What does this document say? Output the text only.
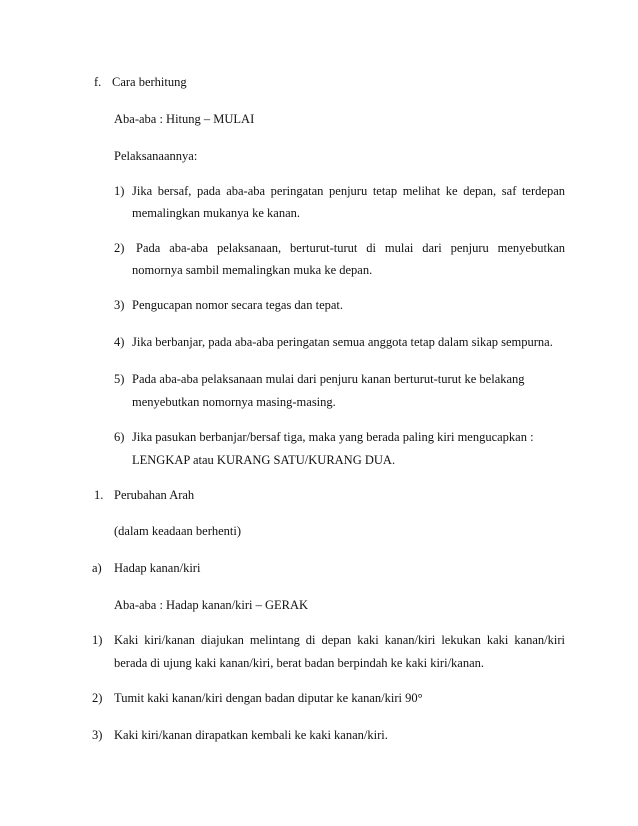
f. Cara berhitung
Aba-aba : Hitung – MULAI
Pelaksanaannya:
1) Jika bersaf, pada aba-aba peringatan penjuru tetap melihat ke depan, saf terdepan
memalingkan mukanya ke kanan.
2) Pada aba-aba pelaksanaan, berturut-turut di mulai dari penjuru menyebutkan
nomornya sambil memalingkan muka ke depan.
3) Pengucapan nomor secara tegas dan tepat.
4) Jika berbanjar, pada aba-aba peringatan semua anggota tetap dalam sikap sempurna.
5) Pada aba-aba pelaksanaan mulai dari penjuru kanan berturut-turut ke belakang
menyebutkan nomornya masing-masing.
6) Jika pasukan berbanjar/bersaf tiga, maka yang berada paling kiri mengucapkan :
LENGKAP atau KURANG SATU/KURANG DUA.
1. Perubahan Arah
(dalam keadaan berhenti)
a) Hadap kanan/kiri
Aba-aba : Hadap kanan/kiri – GERAK
1) Kaki kiri/kanan diajukan melintang di depan kaki kanan/kiri lekukan kaki kanan/kiri
berada di ujung kaki kanan/kiri, berat badan berpindah ke kaki kiri/kanan.
2) Tumit kaki kanan/kiri dengan badan diputar ke kanan/kiri 90°
3) Kaki kiri/kanan dirapatkan kembali ke kaki kanan/kiri.
